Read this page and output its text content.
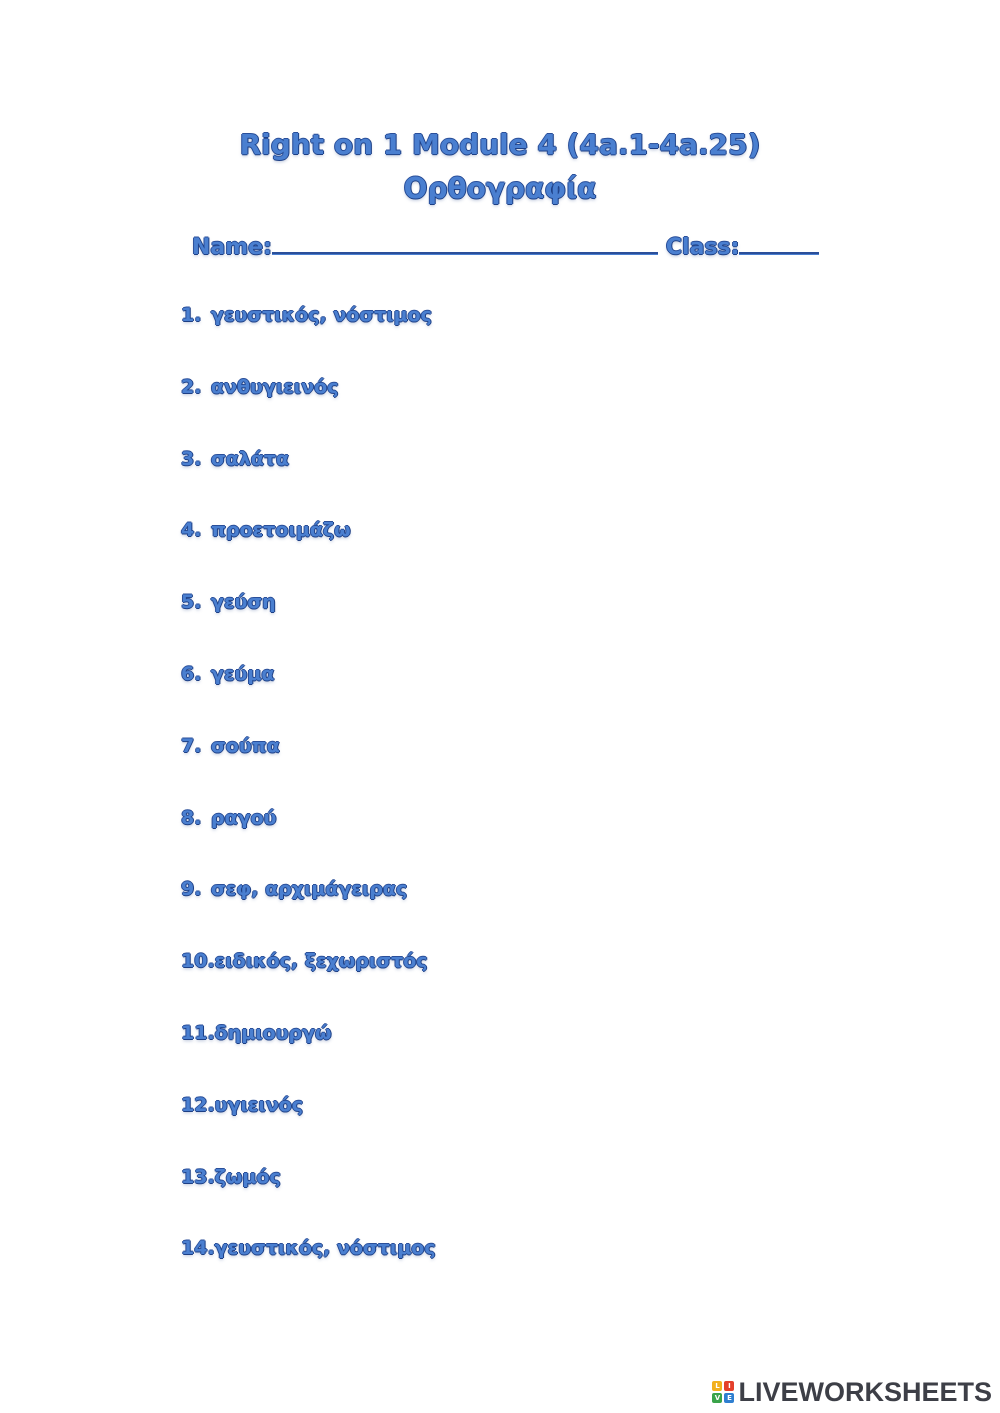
Right on 1 Module 4 (4a.1-4a.25)
Ορθογραφία
Name:	Class:
1. γευστικός, νόστιμος
2. ανθυγιεινός
3. σαλάτα
4. προετοιμάζω
5. γεύση
6. γεύμα
7. σούπα
8. ραγού
9. σεφ, αρχιμάγειρας
10. ειδικός, ξεχωριστός
11. δημιουργώ
12. υγιεινός
13. ζωμός
14. γευστικός, νόστιμος
L	I
V E LIVEWORKSHEETS
